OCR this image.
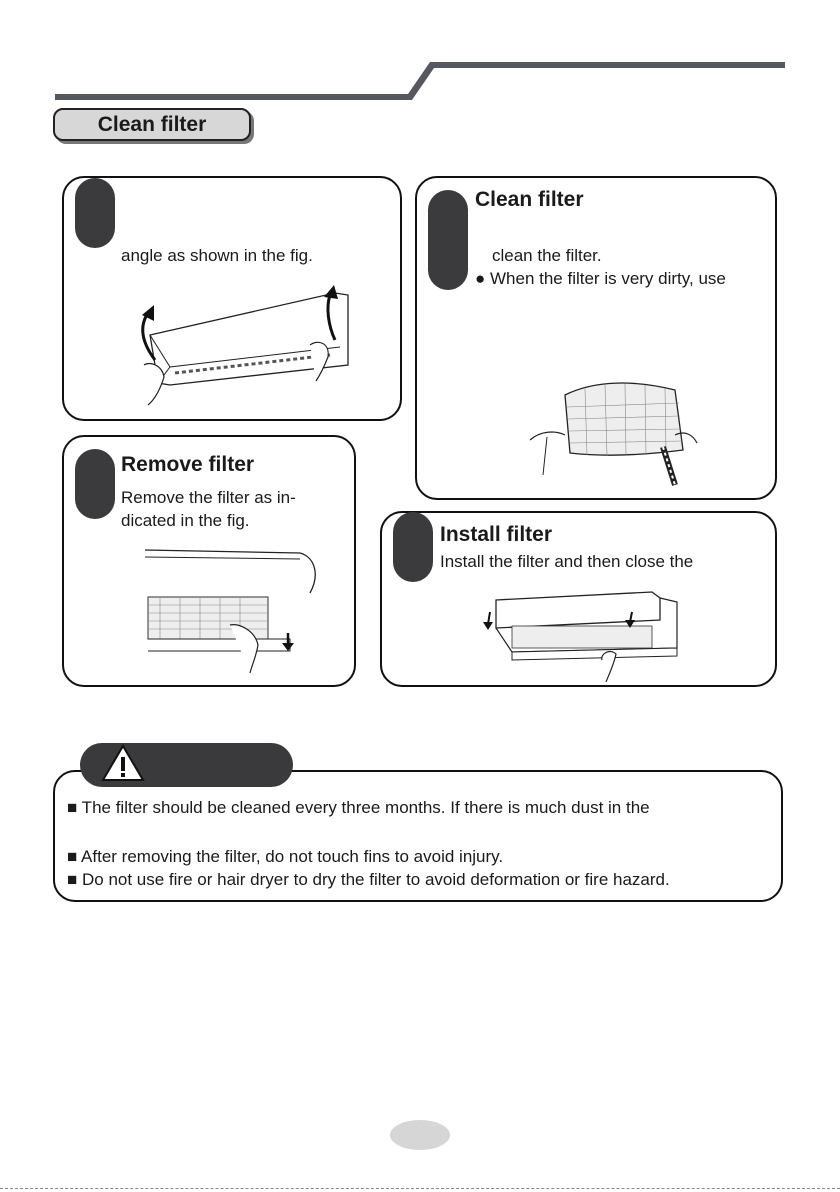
Clean filter
angle as shown in the fig.
Remove filter
Remove the filter as in-
dicated in the fig.
Clean filter
clean the filter.
● When the filter is very dirty, use
Install filter
Install the filter and then close the
■ The filter should be cleaned every three months. If there is much dust in the
■ After removing the filter, do not touch fins to avoid injury.
■ Do not use fire or hair dryer to dry the filter to avoid deformation or fire hazard.
